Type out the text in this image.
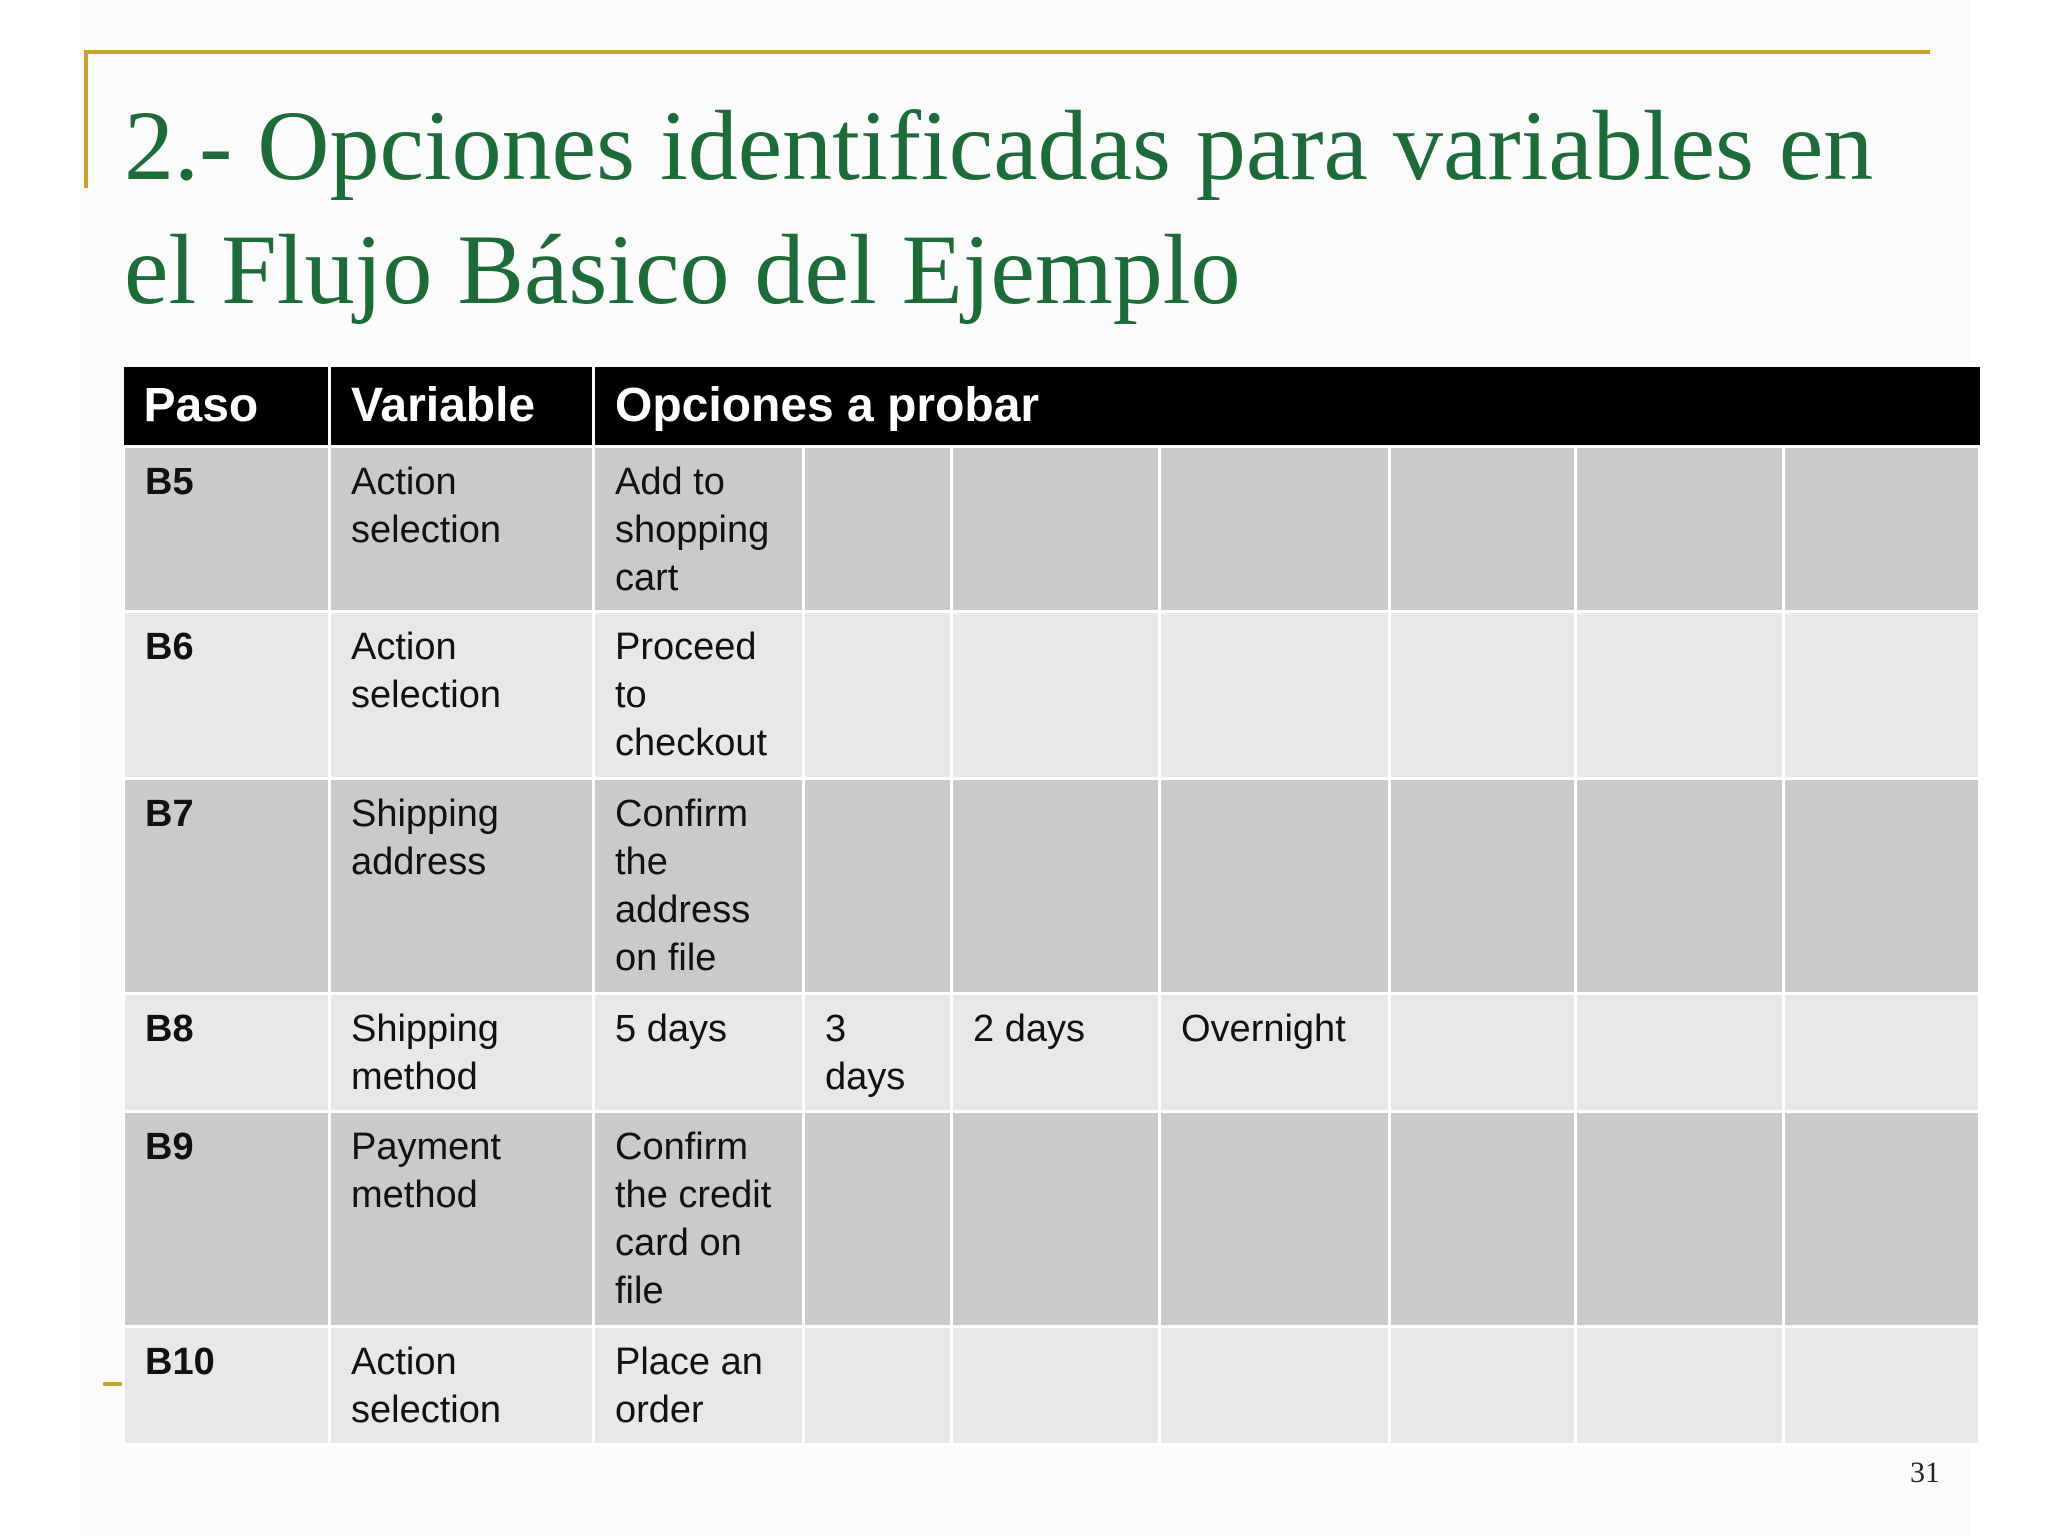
2.- Opciones identificadas para variables en el Flujo Básico del Ejemplo
Paso	Variable	Opciones a probar							
B5	Action selection	Add to shopping cart							
B6	Action selection	Proceed to checkout							
B7	Shipping address	Confirm the address on file							
B8	Shipping method	5 days	3 days	2 days	Overnight				
B9	Payment method	Confirm the credit card on file							
B10	Action selection	Place an order							
31
